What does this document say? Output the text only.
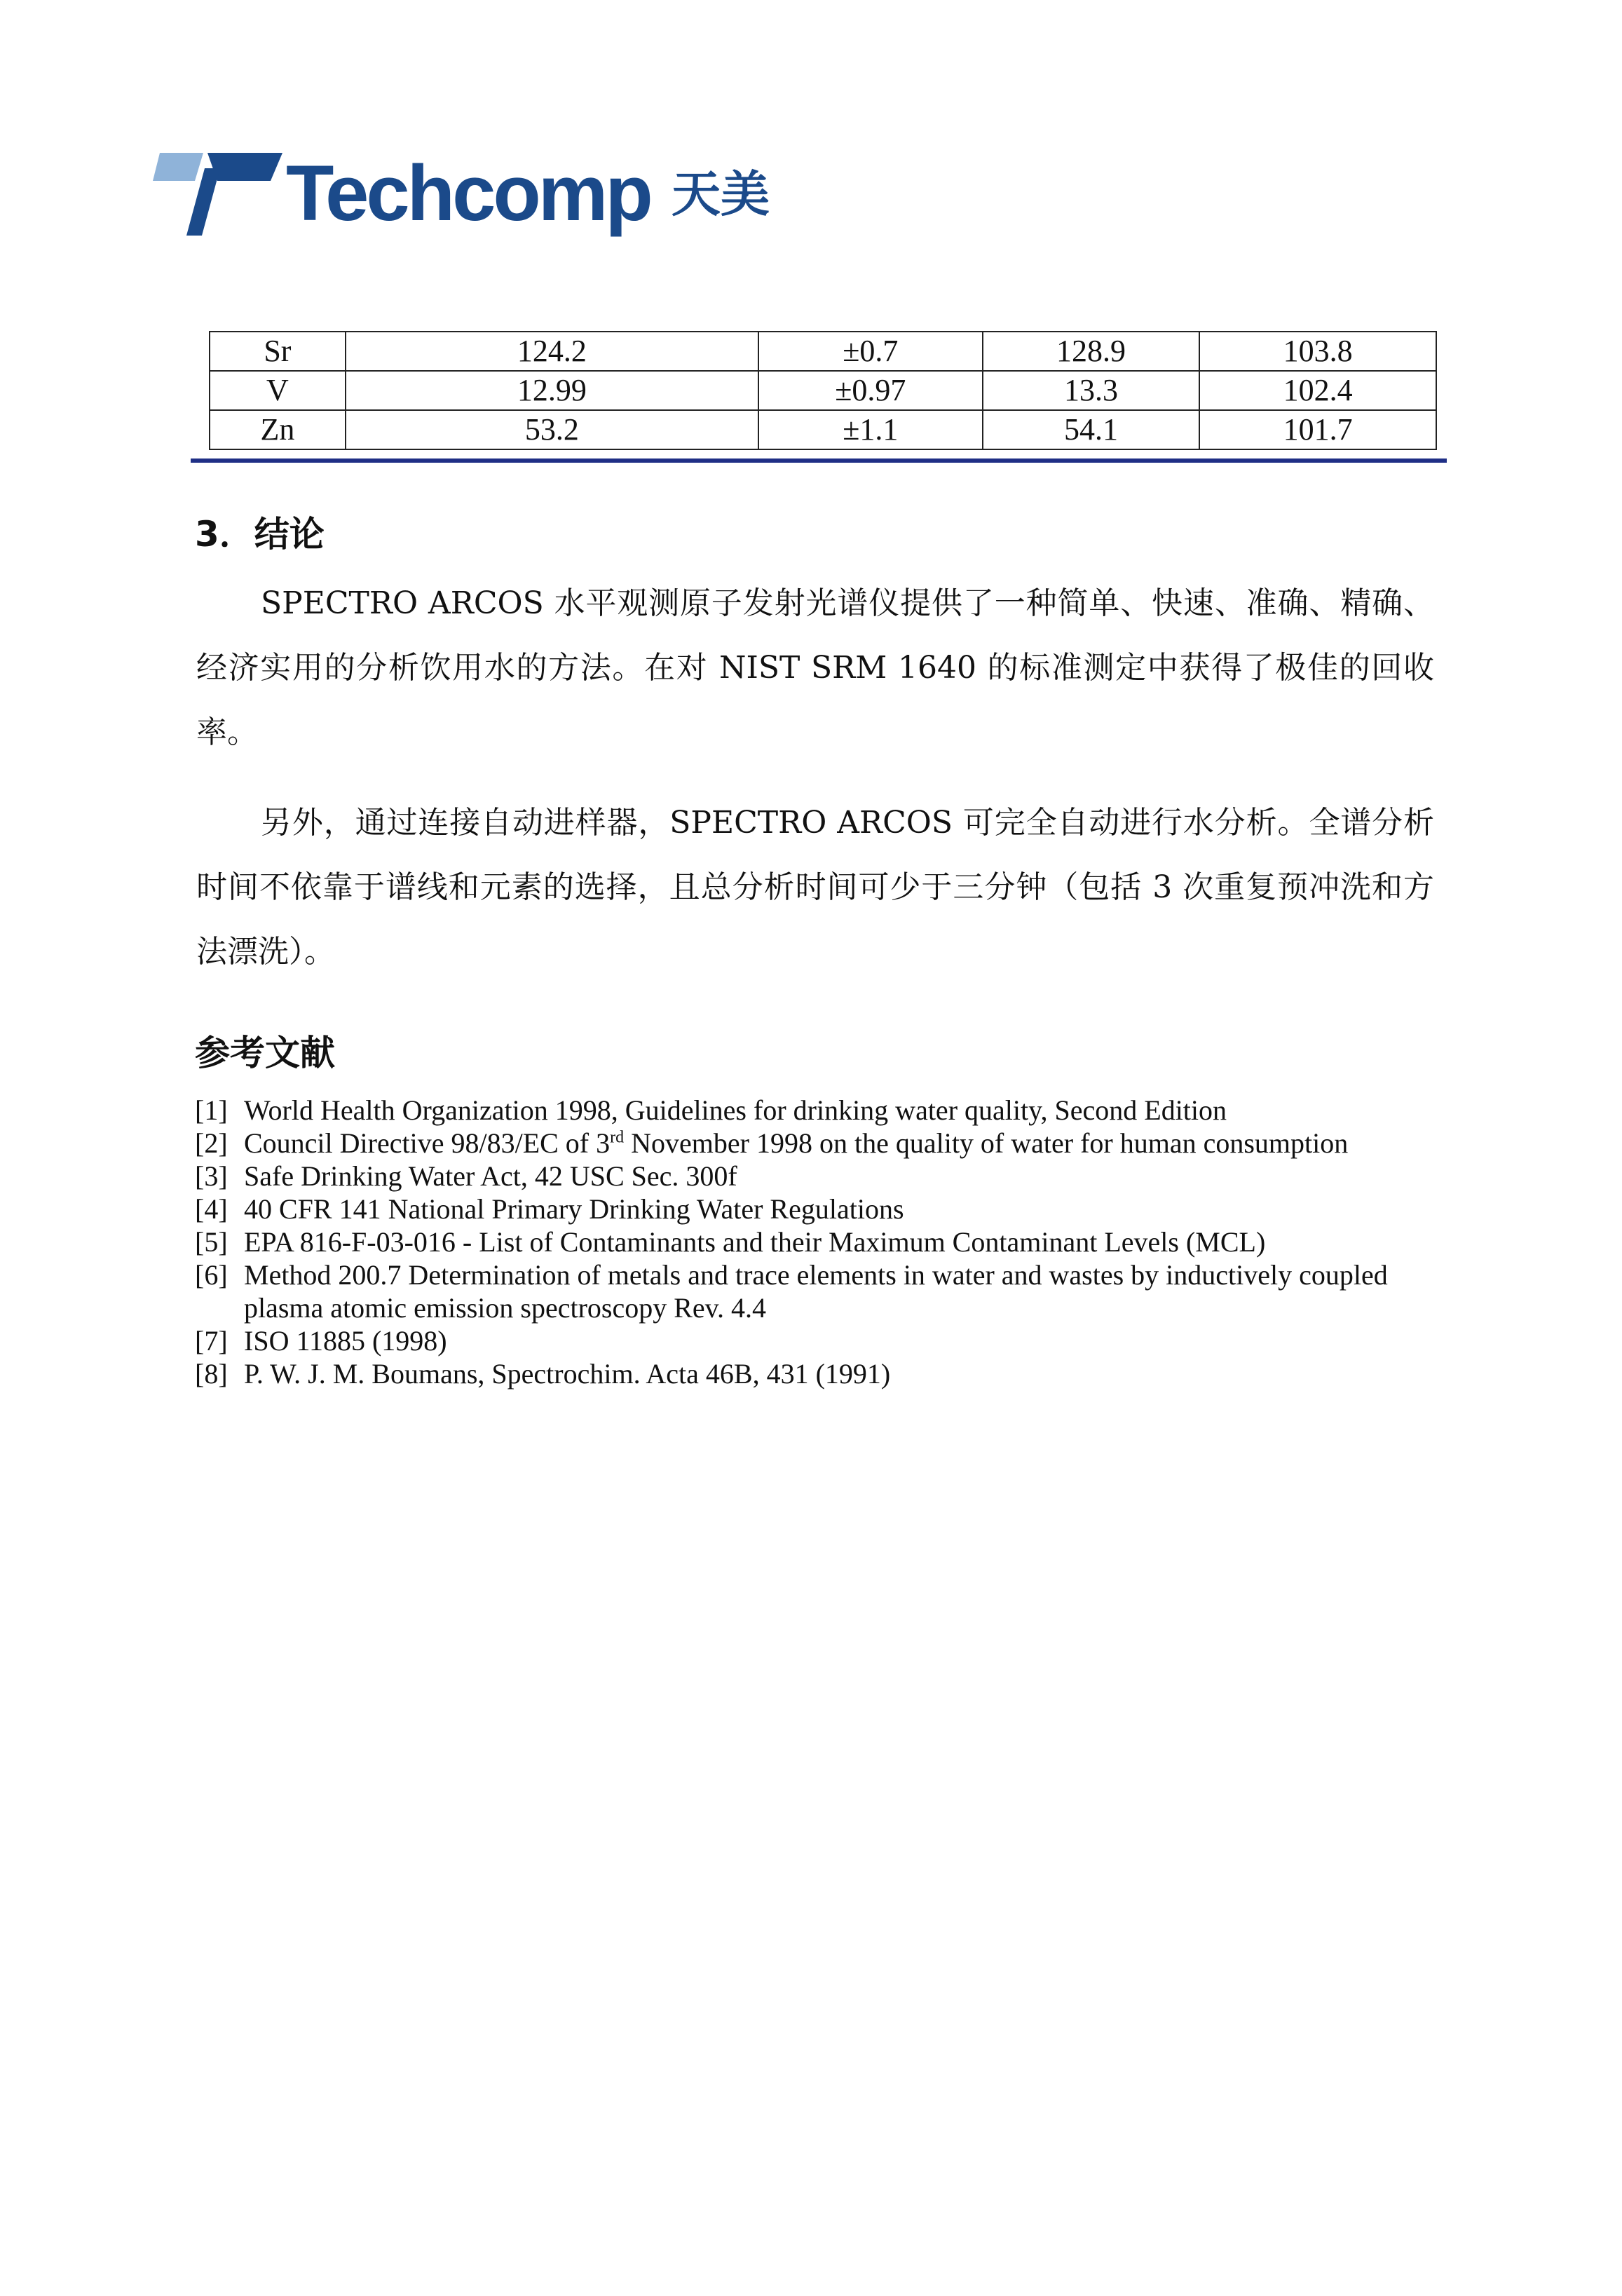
Techcomp 天美
Sr	124.2	±0.7	128.9	103.8
V	12.99	±0.97	13.3	102.4
Zn	53.2	±1.1	54.1	101.7
3．结论

SPECTRO ARCOS 水平观测原子发射光谱仪提供了一种简单、快速、准确、精确、经济实用的分析饮用水的方法。在对 NIST SRM 1640 的标准测定中获得了极佳的回收率。

另外，通过连接自动进样器，SPECTRO ARCOS 可完全自动进行水分析。全谱分析时间不依靠于谱线和元素的选择，且总分析时间可少于三分钟（包括 3 次重复预冲洗和方法漂洗）。

参考文献
[1] World Health Organization 1998, Guidelines for drinking water quality, Second Edition
[2] Council Directive 98/83/EC of 3rd November 1998 on the quality of water for human consumption
[3] Safe Drinking Water Act, 42 USC Sec. 300f
[4] 40 CFR 141 National Primary Drinking Water Regulations
[5] EPA 816-F-03-016 - List of Contaminants and their Maximum Contaminant Levels (MCL)
[6] Method 200.7 Determination of metals and trace elements in water and wastes by inductively coupled plasma atomic emission spectroscopy Rev. 4.4
[7] ISO 11885 (1998)
[8] P. W. J. M. Boumans, Spectrochim. Acta 46B, 431 (1991)
